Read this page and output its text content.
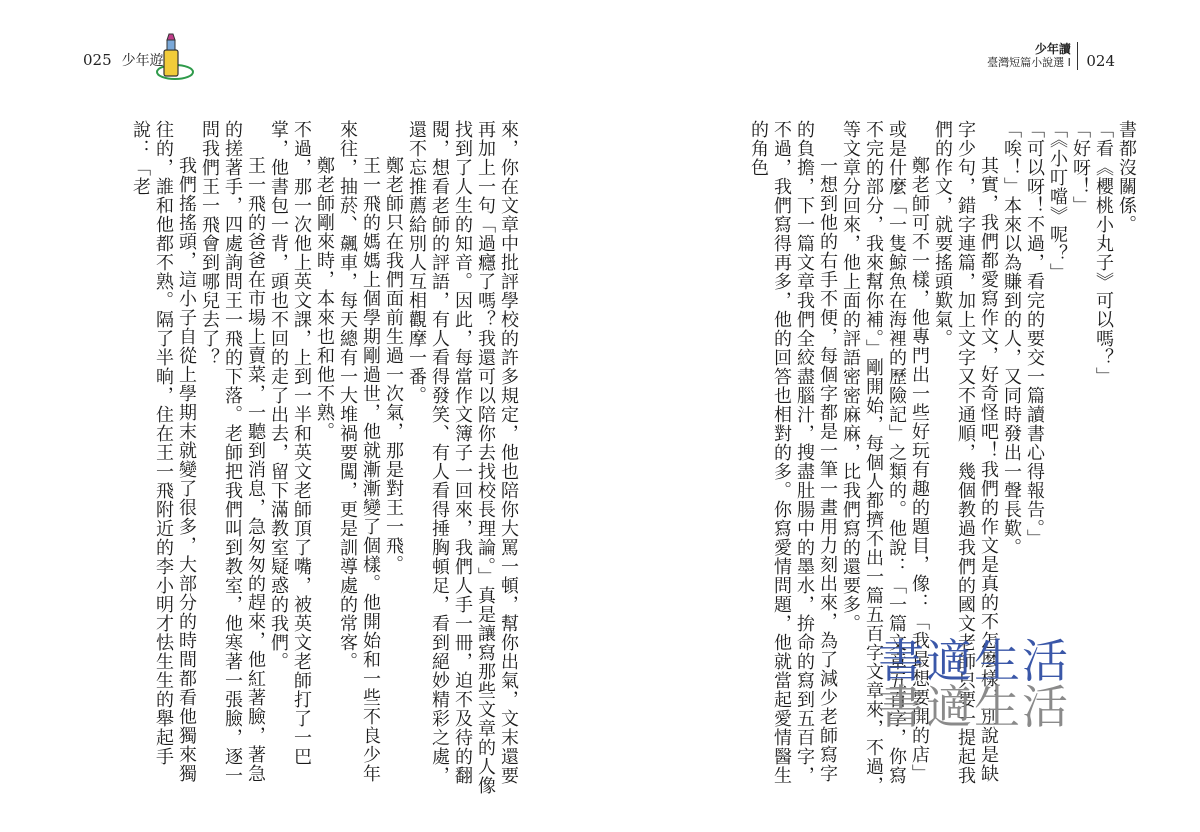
025 少年遊

來，你在文章中批評學校的許多規定，他也陪你大罵一頓，幫你出氣，文末還要再加上一句「過癮了嗎？我還可以陪你去找校長理論。」真是讓寫那些文章的人像找到了人生的知音。因此，每當作文簿子一回來，我們人手一冊，迫不及待的翻閱，想看老師的評語，有人看得發笑、有人看得捶胸頓足，看到絕妙精彩之處，還不忘推薦給別人互相觀摩一番。

鄭老師只在我們面前生過一次氣，那是對王一飛。

王一飛的媽媽上個學期剛過世，他就漸漸變了個樣。他開始和一些不良少年來往，抽菸、飆車，每天總有一大堆禍要闖，更是訓導處的常客。

鄭老師剛來時，本來也和他不熟。

不過，那一次他上英文課，上到一半和英文老師頂了嘴，被英文老師打了一巴掌，他書包一背，頭也不回的走了出去，留下滿教室疑惑的我們。

王一飛的爸爸在市場上賣菜，一聽到消息，急匆匆的趕來，他紅著臉，著急的搓著手，四處詢問王一飛的下落。老師把我們叫到教室，他寒著一張臉，逐一問我們王一飛會到哪兒去了？

我們搖搖頭，這小子自從上學期末就變了很多，大部分的時間都看他獨來獨往的，誰和他都不熟。隔了半晌，住在王一飛附近的李小明才怯生生的舉起手說：「老

少年讀
臺灣短篇小說選 I 024

書都沒關係。

「看《櫻桃小丸子》可以嗎？」

「好呀！」

「《小叮噹》呢？」

「可以呀！不過，看完的要交一篇讀書心得報告。」

「唉！」本來以為賺到的人，又同時發出一聲長歎。

其實，我們都愛寫作文，好奇怪吧！我們的作文是真的不怎麼樣，別說是缺字少句，錯字連篇，加上文字又不通順，幾個教過我們的國文老師只要一提起我們的作文，就要搖頭歎氣。

鄭老師可不一樣，他專門出一些好玩有趣的題目，像：「我最想要開的店」或是什麼「一隻鯨魚在海裡的歷險記」之類的。他說：「一篇文章五百字，你寫不完的部分，我來幫你補。」剛開始，每個人都擠不出一篇五百字文章來，不過，等文章分回來，他上面的評語密密麻麻，比我們寫的還要多。

一想到他的右手不便，每個字都是一筆一畫用力刻出來，為了減少老師寫字的負擔，下一篇文章我們全絞盡腦汁，搜盡肚腸中的墨水，拚命的寫到五百字，不過，我們寫得再多，他的回答也相對的多。你寫愛情問題，他就當起愛情醫生的角色

書適生活
書適生活
